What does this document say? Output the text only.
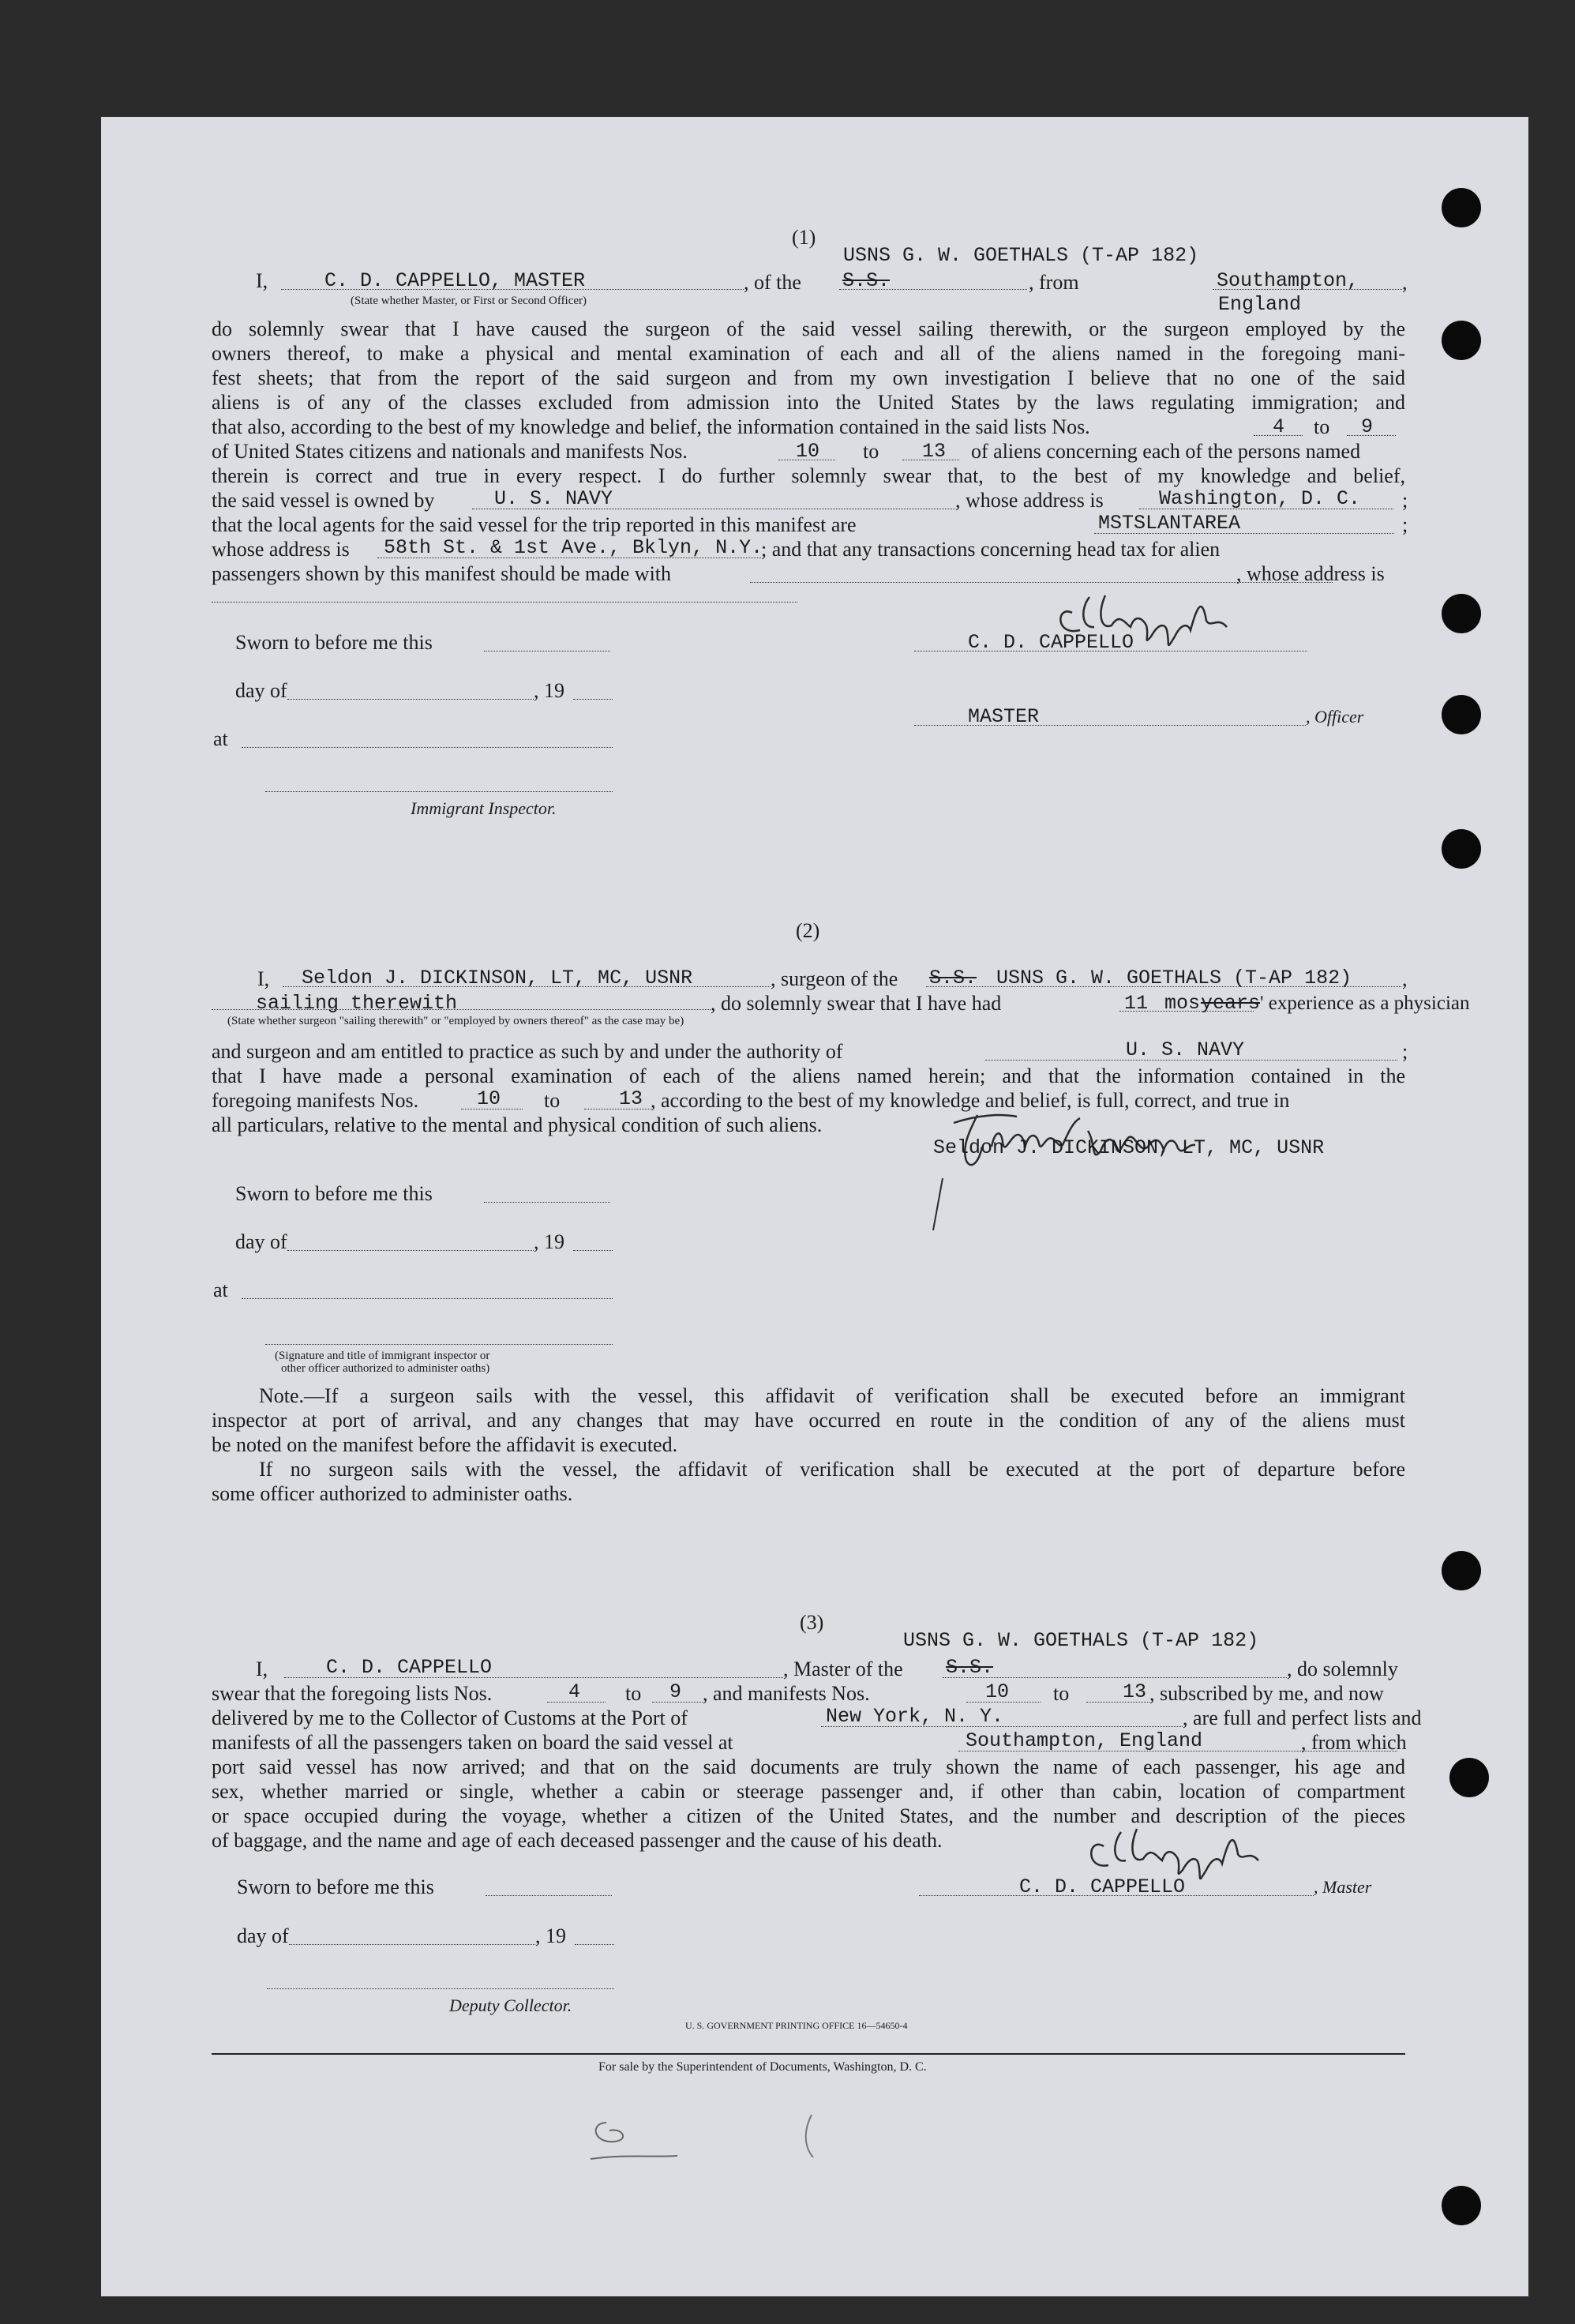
(1)
USNS G. W. GOETHALS (T-AP 182)
I,	C. D. CAPPELLO, MASTER	, of the S.S.	, from	Southampton, ,
(State whether Master, or First or Second Officer)	England
do solemnly swear that I have caused the surgeon of the said vessel sailing therewith, or the surgeon employed by the
owners thereof, to make a physical and mental examination of each and all of the aliens named in the foregoing mani-
fest sheets; that from the report of the said surgeon and from my own investigation I believe that no one of the said
aliens is of any of the classes excluded from admission into the United States by the laws regulating immigration; and
that also, according to the best of my knowledge and belief, the information contained in the said lists Nos.	4 to 9
of United States citizens and nationals and manifests Nos.	10 to 13 of aliens concerning each of the persons named
therein is correct and true in every respect. I do further solemnly swear that, to the best of my knowledge and belief,
the said vessel is owned by	U. S. NAVY	, whose address is	Washington, D. C. ;
that the local agents for the said vessel for the trip reported in this manifest are	MSTSLANTAREA	;
whose address is 58th St. & 1st Ave., Bklyn, N.Y.
; and that any transactions concerning head tax for alien
passengers shown by this manifest should be made with	, whose address is
Sworn to before me this
day of	, 19
at
Immigrant Inspector.
C. D. CAPPELLO
MASTER	, Officer
(2)
I, Seldon J. DICKINSON, LT, MC, USNR	, surgeon of the S.S. USNS G. W. GOETHALS (T-AP 182) ,
sailing therewith	, do solemnly swear that I have had	11 mos years ' experience as a physician
(State whether surgeon "sailing therewith" or "employed by owners thereof" as the case may be)
and surgeon and am entitled to practice as such by and under the authority of	U. S. NAVY	;
that I have made a personal examination of each of the aliens named herein; and that the information contained in the
foregoing manifests Nos.	10 to	13 , according to the best of my knowledge and belief, is full, correct, and true in
all particulars, relative to the mental and physical condition of such aliens.
Seldon J. DICKINSON, LT, MC, USNR
Sworn to before me this
day of	, 19
at
(Signature and title of immigrant inspector or
other officer authorized to administer oaths)
Note.—If a surgeon sails with the vessel, this affidavit of verification shall be executed before an immigrant
inspector at port of arrival, and any changes that may have occurred en route in the condition of any of the aliens must
be noted on the manifest before the affidavit is executed.
If no surgeon sails with the vessel, the affidavit of verification shall be executed at the port of departure before
some officer authorized to administer oaths.
(3)
USNS G. W. GOETHALS (T-AP 182)
I,	C. D. CAPPELLO	, Master of the S.S.	, do solemnly
swear that the foregoing lists Nos.	4 to 9 , and manifests Nos.	10 to	13 , subscribed by me, and now
delivered by me to the Collector of Customs at the Port of	New York, N. Y.	, are full and perfect lists and
manifests of all the passengers taken on board the said vessel at	Southampton, England	, from which
port said vessel has now arrived; and that on the said documents are truly shown the name of each passenger, his age and
sex, whether married or single, whether a cabin or steerage passenger and, if other than cabin, location of compartment
or space occupied during the voyage, whether a citizen of the United States, and the number and description of the pieces
of baggage, and the name and age of each deceased passenger and the cause of his death.
Sworn to before me this	C. D. CAPPELLO	, Master
day of	, 19
Deputy Collector.
U. S. GOVERNMENT PRINTING OFFICE 16—54650-4
For sale by the Superintendent of Documents, Washington, D. C.
